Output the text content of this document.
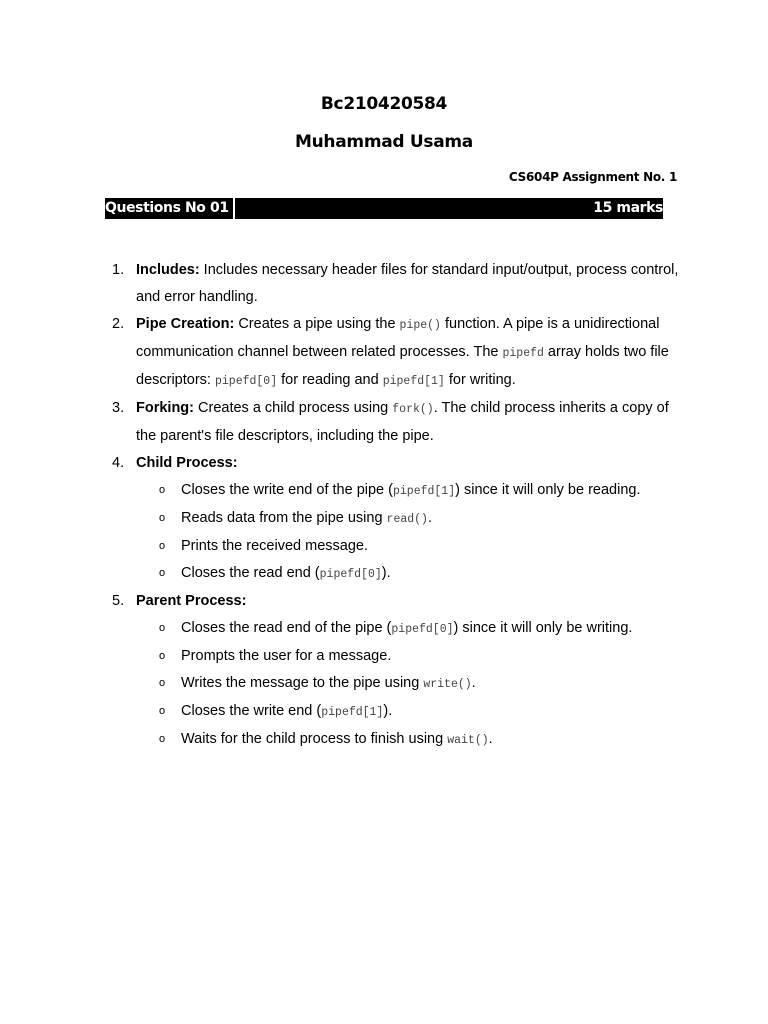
Bc210420584
Muhammad Usama
CS604P Assignment No. 1
Questions No 01	15 marks
1. Includes: Includes necessary header files for standard input/output, process control, and error handling.
2. Pipe Creation: Creates a pipe using the pipe() function. A pipe is a unidirectional communication channel between related processes. The pipefd array holds two file descriptors: pipefd[0] for reading and pipefd[1] for writing.
3. Forking: Creates a child process using fork(). The child process inherits a copy of the parent's file descriptors, including the pipe.
4. Child Process:
o Closes the write end of the pipe (pipefd[1]) since it will only be reading.
o Reads data from the pipe using read().
o Prints the received message.
o Closes the read end (pipefd[0]).
5. Parent Process:
o Closes the read end of the pipe (pipefd[0]) since it will only be writing.
o Prompts the user for a message.
o Writes the message to the pipe using write().
o Closes the write end (pipefd[1]).
o Waits for the child process to finish using wait().
